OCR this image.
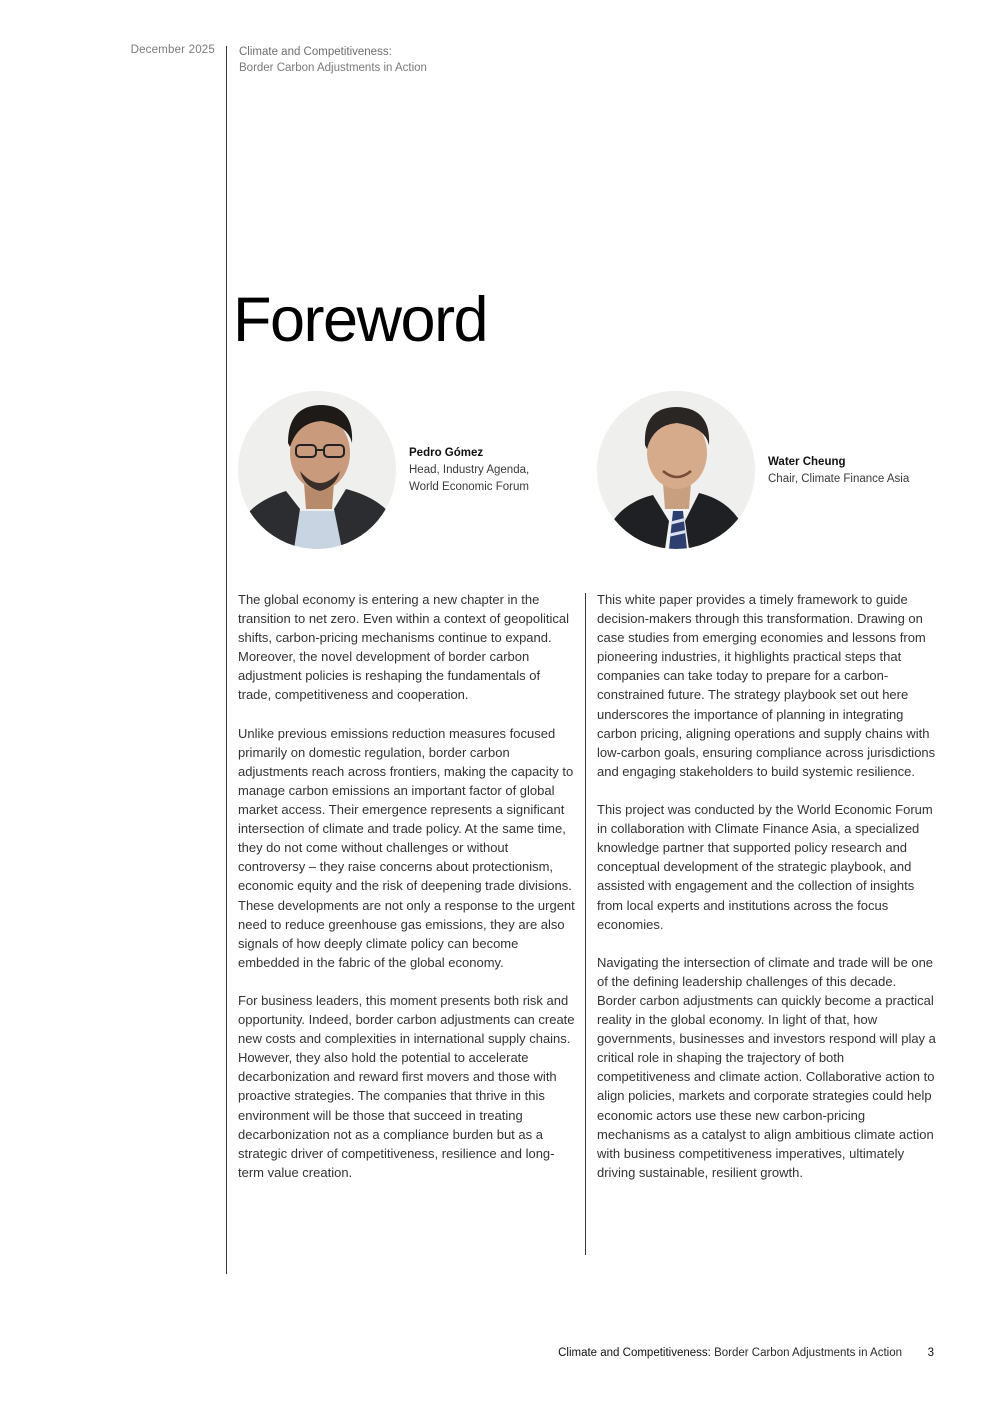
December 2025 Climate and Competitiveness:
Border Carbon Adjustments in Action
Foreword
Pedro Gómez
Head, Industry Agenda,
World Economic Forum
Water Cheung
Chair, Climate Finance Asia

The global economy is entering a new chapter in the transition to net zero. Even within a context of geopolitical shifts, carbon-pricing mechanisms continue to expand. Moreover, the novel development of border carbon adjustment policies is reshaping the fundamentals of trade, competitiveness and cooperation.

Unlike previous emissions reduction measures focused primarily on domestic regulation, border carbon adjustments reach across frontiers, making the capacity to manage carbon emissions an important factor of global market access. Their emergence represents a significant intersection of climate and trade policy. At the same time, they do not come without challenges or without controversy – they raise concerns about protectionism, economic equity and the risk of deepening trade divisions. These developments are not only a response to the urgent need to reduce greenhouse gas emissions, they are also signals of how deeply climate policy can become embedded in the fabric of the global economy.

For business leaders, this moment presents both risk and opportunity. Indeed, border carbon adjustments can create new costs and complexities in international supply chains. However, they also hold the potential to accelerate decarbonization and reward first movers and those with proactive strategies. The companies that thrive in this environment will be those that succeed in treating decarbonization not as a compliance burden but as a strategic driver of competitiveness, resilience and long-term value creation.

This white paper provides a timely framework to guide decision-makers through this transformation. Drawing on case studies from emerging economies and lessons from pioneering industries, it highlights practical steps that companies can take today to prepare for a carbon-constrained future. The strategy playbook set out here underscores the importance of planning in integrating carbon pricing, aligning operations and supply chains with low-carbon goals, ensuring compliance across jurisdictions and engaging stakeholders to build systemic resilience.

This project was conducted by the World Economic Forum in collaboration with Climate Finance Asia, a specialized knowledge partner that supported policy research and conceptual development of the strategic playbook, and assisted with engagement and the collection of insights from local experts and institutions across the focus economies.

Navigating the intersection of climate and trade will be one of the defining leadership challenges of this decade. Border carbon adjustments can quickly become a practical reality in the global economy. In light of that, how governments, businesses and investors respond will play a critical role in shaping the trajectory of both competitiveness and climate action. Collaborative action to align policies, markets and corporate strategies could help economic actors use these new carbon-pricing mechanisms as a catalyst to align ambitious climate action with business competitiveness imperatives, ultimately driving sustainable, resilient growth.

Climate and Competitiveness: Border Carbon Adjustments in Action	3
